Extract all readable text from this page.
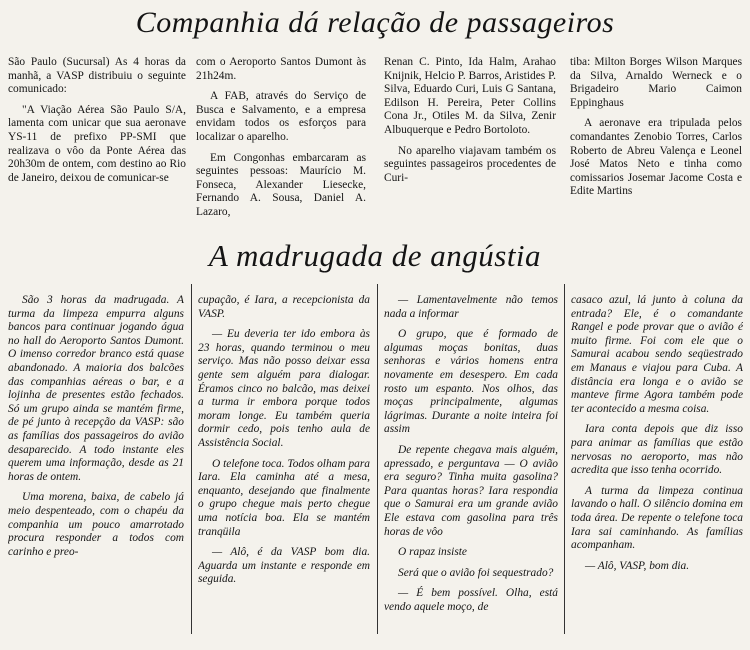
Companhia dá relação de passageiros

São Paulo (Sucursal) As 4 horas da manhã, a VASP distribuiu o seguinte comunicado:

"A Viação Aérea São Paulo S/A, lamenta com unicar que sua aeronave YS-11 de prefixo PP-SMI que realizava o vôo da Ponte Aérea das 20h30m de ontem, com destino ao Rio de Janeiro, deixou de comunicar-se

com o Aeroporto Santos Dumont às 21h24m.

A FAB, através do Serviço de Busca e Salvamento, e a empresa envidam todos os esforços para localizar o aparelho.

Em Congonhas embarcaram as seguintes pessoas: Maurício M. Fonseca, Alexander Liesecke, Fernando A. Sousa, Daniel A. Lazaro,

Renan C. Pinto, Ida Halm, Arahao Knijnik, Helcio P. Barros, Aristides P. Silva, Eduardo Curi, Luis G Santana, Edilson H. Pereira, Peter Collins Cona Jr., Otiles M. da Silva, Zenir Albuquerque e Pedro Bortoloto.

No aparelho viajavam também os seguintes passageiros procedentes de Curi-

tiba: Milton Borges Wilson Marques da Silva, Arnaldo Werneck e o Brigadeiro Mario Caimon Eppinghaus

A aeronave era tripulada pelos comandantes Zenobio Torres, Carlos Roberto de Abreu Valença e Leonel José Matos Neto e tinha como comissarios Josemar Jacome Costa e Edite Martins

A madrugada de angústia

São 3 horas da madrugada. A turma da limpeza empurra alguns bancos para continuar jogando água no hall do Aeroporto Santos Dumont. O imenso corredor branco está quase abandonado. A maioria dos balcões das companhias aéreas o bar, e a lojinha de presentes estão fechados. Só um grupo ainda se mantém firme, de pé junto à recepção da VASP: são as famílias dos passageiros do avião desaparecido. A todo instante eles querem uma informação, desde as 21 horas de ontem.

Uma morena, baixa, de cabelo já meio despenteado, com o chapéu da companhia um pouco amarrotado procura responder a todos com carinho e preo-

cupação, é Iara, a recepcionista da VASP.

— Eu deveria ter ido embora às 23 horas, quando terminou o meu serviço. Mas não posso deixar essa gente sem alguém para dialogar. Éramos cinco no balcão, mas deixei a turma ir embora porque todos moram longe. Eu também queria dormir cedo, pois tenho aula de Assistência Social.

O telefone toca. Todos olham para Iara. Ela caminha até a mesa, enquanto, desejando que finalmente o grupo chegue mais perto chegue uma notícia boa. Ela se mantém tranqüila

— Alô, é da VASP bom dia. Aguarda um instante e responde em seguida.

— Lamentavelmente não temos nada a informar

O grupo, que é formado de algumas moças bonitas, duas senhoras e vários homens entra novamente em desespero. Em cada rosto um espanto. Nos olhos, das moças principalmente, algumas lágrimas. Durante a noite inteira foi assim

De repente chegava mais alguém, apressado, e perguntava — O avião era seguro? Tinha muita gasolina? Para quantas horas? Iara respondia que o Samurai era um grande avião Ele estava com gasolina para três horas de vôo

O rapaz insiste

Será que o avião foi sequestrado?

— É bem possível. Olha, está vendo aquele moço, de

casaco azul, lá junto à coluna da entrada? Ele, é o comandante Rangel e pode provar que o avião é muito firme. Foi com ele que o Samurai acabou sendo seqüestrado em Manaus e viajou para Cuba. A distância era longa e o avião se manteve firme Agora também pode ter acontecido a mesma coisa.

Iara conta depois que diz isso para animar as famílias que estão nervosas no aeroporto, mas não acredita que isso tenha ocorrido.

A turma da limpeza continua lavando o hall. O silêncio domina em toda área. De repente o telefone toca Iara sai caminhando. As famílias acompanham.

— Alô, VASP, bom dia.
